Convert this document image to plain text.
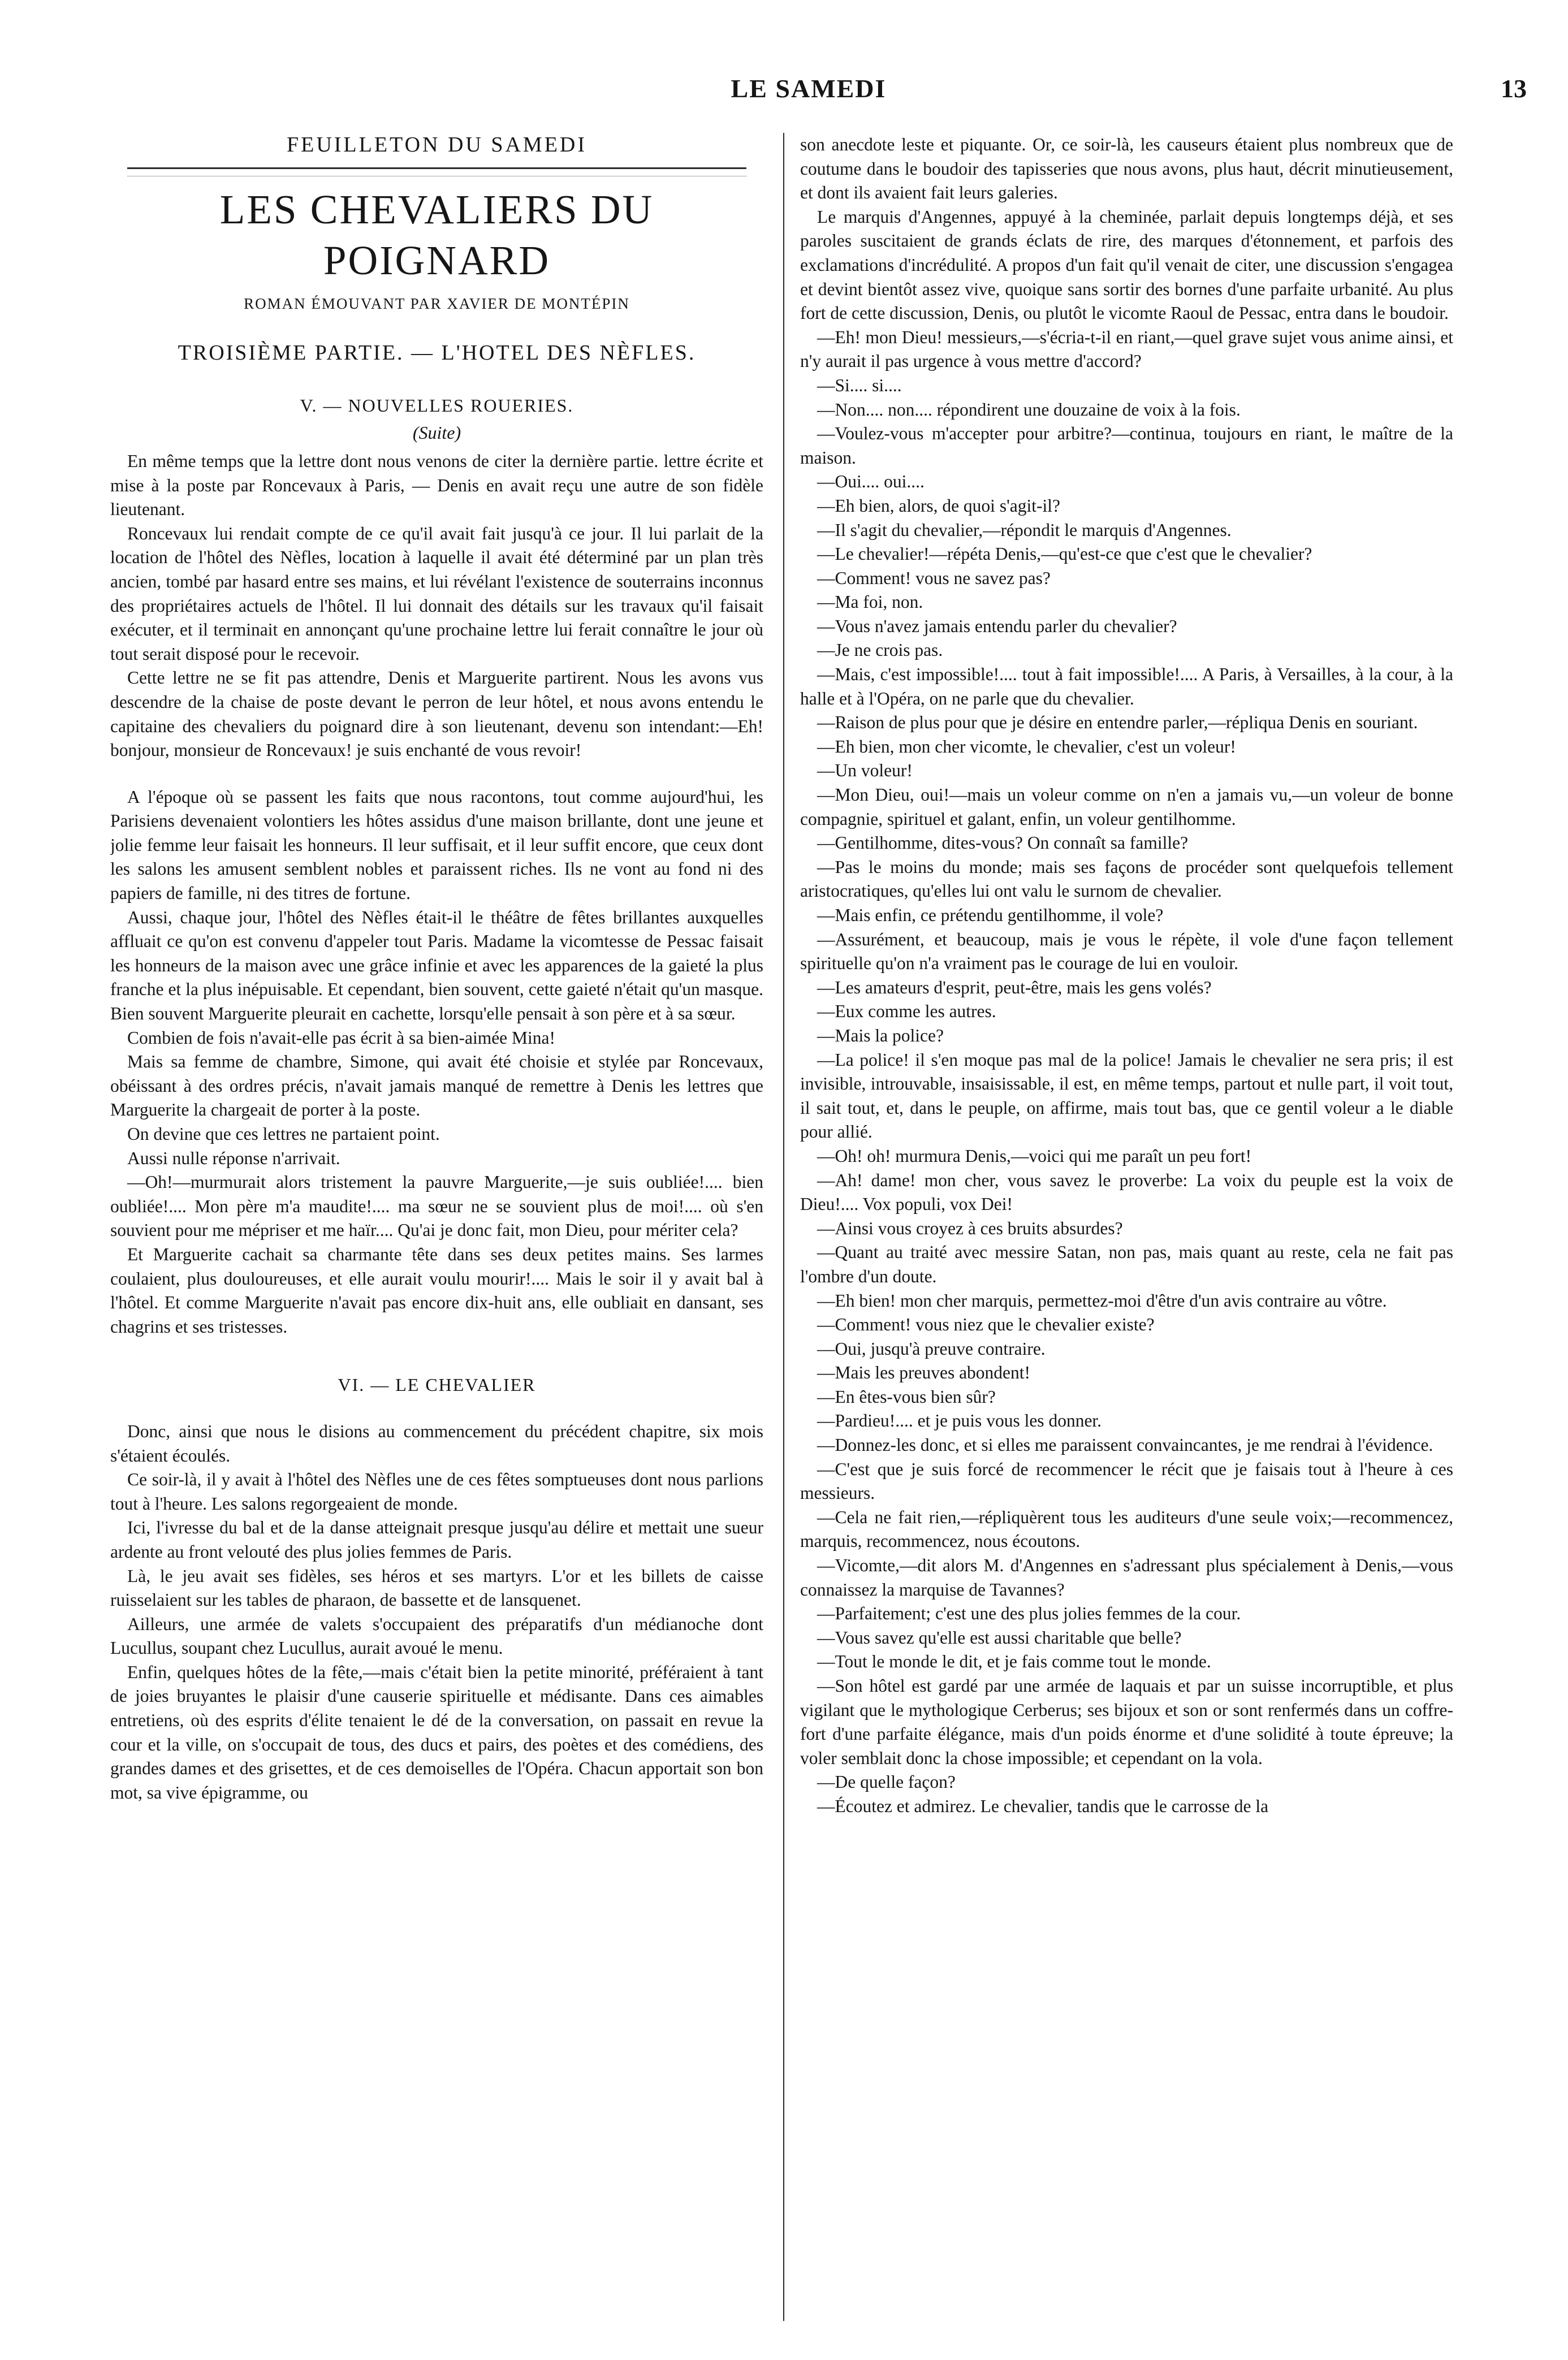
LE SAMEDI	13
FEUILLETON DU SAMEDI
LES CHEVALIERS DU POIGNARD
ROMAN ÉMOUVANT PAR XAVIER DE MONTÉPIN
TROISIÈME PARTIE. — L'HOTEL DES NÈFLES.
V. — NOUVELLES ROUERIES.
(Suite)

En même temps que la lettre dont nous venons de citer la dernière partie. lettre écrite et mise à la poste par Roncevaux à Paris, — Denis en avait reçu une autre de son fidèle lieutenant.

Roncevaux lui rendait compte de ce qu'il avait fait jusqu'à ce jour. Il lui parlait de la location de l'hôtel des Nèfles, location à laquelle il avait été déterminé par un plan très ancien, tombé par hasard entre ses mains, et lui révélant l'existence de souterrains inconnus des propriétaires actuels de l'hôtel. Il lui donnait des détails sur les travaux qu'il faisait exécuter, et il terminait en annonçant qu'une prochaine lettre lui ferait connaître le jour où tout serait disposé pour le recevoir.

Cette lettre ne se fit pas attendre, Denis et Marguerite partirent. Nous les avons vus descendre de la chaise de poste devant le perron de leur hôtel, et nous avons entendu le capitaine des chevaliers du poignard dire à son lieutenant, devenu son intendant:—Eh! bonjour, monsieur de Roncevaux! je suis enchanté de vous revoir!

A l'époque où se passent les faits que nous racontons, tout comme aujourd'hui, les Parisiens devenaient volontiers les hôtes assidus d'une maison brillante, dont une jeune et jolie femme leur faisait les honneurs. Il leur suffisait, et il leur suffit encore, que ceux dont les salons les amusent semblent nobles et paraissent riches. Ils ne vont au fond ni des papiers de famille, ni des titres de fortune.

Aussi, chaque jour, l'hôtel des Nèfles était-il le théâtre de fêtes brillantes auxquelles affluait ce qu'on est convenu d'appeler tout Paris. Madame la vicomtesse de Pessac faisait les honneurs de la maison avec une grâce infinie et avec les apparences de la gaieté la plus franche et la plus inépuisable. Et cependant, bien souvent, cette gaieté n'était qu'un masque. Bien souvent Marguerite pleurait en cachette, lorsqu'elle pensait à son père et à sa sœur.

Combien de fois n'avait-elle pas écrit à sa bien-aimée Mina!

Mais sa femme de chambre, Simone, qui avait été choisie et stylée par Roncevaux, obéissant à des ordres précis, n'avait jamais manqué de remettre à Denis les lettres que Marguerite la chargeait de porter à la poste.

On devine que ces lettres ne partaient point.

Aussi nulle réponse n'arrivait.

—Oh!—murmurait alors tristement la pauvre Marguerite,—je suis oubliée!.... bien oubliée!.... Mon père m'a maudite!.... ma sœur ne se souvient plus de moi!.... où s'en souvient pour me mépriser et me haïr.... Qu'ai je donc fait, mon Dieu, pour mériter cela?

Et Marguerite cachait sa charmante tête dans ses deux petites mains. Ses larmes coulaient, plus douloureuses, et elle aurait voulu mourir!.... Mais le soir il y avait bal à l'hôtel. Et comme Marguerite n'avait pas encore dix-huit ans, elle oubliait en dansant, ses chagrins et ses tristesses.

VI. — LE CHEVALIER

Donc, ainsi que nous le disions au commencement du précédent chapitre, six mois s'étaient écoulés.

Ce soir-là, il y avait à l'hôtel des Nèfles une de ces fêtes somptueuses dont nous parlions tout à l'heure. Les salons regorgeaient de monde.

Ici, l'ivresse du bal et de la danse atteignait presque jusqu'au délire et mettait une sueur ardente au front velouté des plus jolies femmes de Paris.

Là, le jeu avait ses fidèles, ses héros et ses martyrs. L'or et les billets de caisse ruisselaient sur les tables de pharaon, de bassette et de lansquenet.

Ailleurs, une armée de valets s'occupaient des préparatifs d'un médianoche dont Lucullus, soupant chez Lucullus, aurait avoué le menu.

Enfin, quelques hôtes de la fête,—mais c'était bien la petite minorité, préféraient à tant de joies bruyantes le plaisir d'une causerie spirituelle et médisante. Dans ces aimables entretiens, où des esprits d'élite tenaient le dé de la conversation, on passait en revue la cour et la ville, on s'occupait de tous, des ducs et pairs, des poètes et des comédiens, des grandes dames et des grisettes, et de ces demoiselles de l'Opéra. Chacun apportait son bon mot, sa vive épigramme, ou

son anecdote leste et piquante. Or, ce soir-là, les causeurs étaient plus nombreux que de coutume dans le boudoir des tapisseries que nous avons, plus haut, décrit minutieusement, et dont ils avaient fait leurs galeries.

Le marquis d'Angennes, appuyé à la cheminée, parlait depuis longtemps déjà, et ses paroles suscitaient de grands éclats de rire, des marques d'étonnement, et parfois des exclamations d'incrédulité. A propos d'un fait qu'il venait de citer, une discussion s'engagea et devint bientôt assez vive, quoique sans sortir des bornes d'une parfaite urbanité. Au plus fort de cette discussion, Denis, ou plutôt le vicomte Raoul de Pessac, entra dans le boudoir.

—Eh! mon Dieu! messieurs,—s'écria-t-il en riant,—quel grave sujet vous anime ainsi, et n'y aurait il pas urgence à vous mettre d'accord?

—Si.... si....

—Non.... non.... répondirent une douzaine de voix à la fois.

—Voulez-vous m'accepter pour arbitre?—continua, toujours en riant, le maître de la maison.

—Oui.... oui....

—Eh bien, alors, de quoi s'agit-il?

—Il s'agit du chevalier,—répondit le marquis d'Angennes.

—Le chevalier!—répéta Denis,—qu'est-ce que c'est que le chevalier?

—Comment! vous ne savez pas?

—Ma foi, non.

—Vous n'avez jamais entendu parler du chevalier?

—Je ne crois pas.

—Mais, c'est impossible!.... tout à fait impossible!.... A Paris, à Versailles, à la cour, à la halle et à l'Opéra, on ne parle que du chevalier.

—Raison de plus pour que je désire en entendre parler,—répliqua Denis en souriant.

—Eh bien, mon cher vicomte, le chevalier, c'est un voleur!

—Un voleur!

—Mon Dieu, oui!—mais un voleur comme on n'en a jamais vu,—un voleur de bonne compagnie, spirituel et galant, enfin, un voleur gentilhomme.

—Gentilhomme, dites-vous? On connaît sa famille?

—Pas le moins du monde; mais ses façons de procéder sont quelquefois tellement aristocratiques, qu'elles lui ont valu le surnom de chevalier.

—Mais enfin, ce prétendu gentilhomme, il vole?

—Assurément, et beaucoup, mais je vous le répète, il vole d'une façon tellement spirituelle qu'on n'a vraiment pas le courage de lui en vouloir.

—Les amateurs d'esprit, peut-être, mais les gens volés?

—Eux comme les autres.

—Mais la police?

—La police! il s'en moque pas mal de la police! Jamais le chevalier ne sera pris; il est invisible, introuvable, insaisissable, il est, en même temps, partout et nulle part, il voit tout, il sait tout, et, dans le peuple, on affirme, mais tout bas, que ce gentil voleur a le diable pour allié.

—Oh! oh! murmura Denis,—voici qui me paraît un peu fort!

—Ah! dame! mon cher, vous savez le proverbe: La voix du peuple est la voix de Dieu!.... Vox populi, vox Dei!

—Ainsi vous croyez à ces bruits absurdes?

—Quant au traité avec messire Satan, non pas, mais quant au reste, cela ne fait pas l'ombre d'un doute.

—Eh bien! mon cher marquis, permettez-moi d'être d'un avis contraire au vôtre.

—Comment! vous niez que le chevalier existe?

—Oui, jusqu'à preuve contraire.

—Mais les preuves abondent!

—En êtes-vous bien sûr?

—Pardieu!.... et je puis vous les donner.

—Donnez-les donc, et si elles me paraissent convaincantes, je me rendrai à l'évidence.

—C'est que je suis forcé de recommencer le récit que je faisais tout à l'heure à ces messieurs.

—Cela ne fait rien,—répliquèrent tous les auditeurs d'une seule voix;—recommencez, marquis, recommencez, nous écoutons.

—Vicomte,—dit alors M. d'Angennes en s'adressant plus spécialement à Denis,—vous connaissez la marquise de Tavannes?

—Parfaitement; c'est une des plus jolies femmes de la cour.

—Vous savez qu'elle est aussi charitable que belle?

—Tout le monde le dit, et je fais comme tout le monde.

—Son hôtel est gardé par une armée de laquais et par un suisse incorruptible, et plus vigilant que le mythologique Cerberus; ses bijoux et son or sont renfermés dans un coffre-fort d'une parfaite élégance, mais d'un poids énorme et d'une solidité à toute épreuve; la voler semblait donc la chose impossible; et cependant on la vola.

—De quelle façon?

—Écoutez et admirez. Le chevalier, tandis que le carrosse de la
